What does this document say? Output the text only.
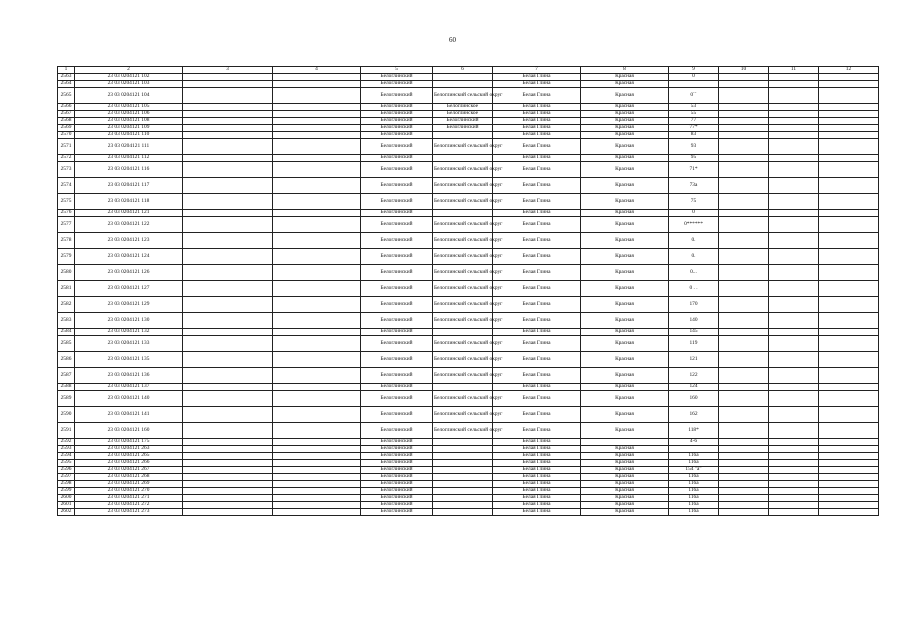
60
1	2	3	4	5	6	7	8	9	10	11	12
2563	23 03 0204121 102			Белоглинский		Белая Глина	Красная	0			
2564	23 03 0204121 103			Белоглинский		Белая Глина	Красная				
2565	23 03 0204121 104			Белоглинский	Белоглинский сельский округ	Белая Глина	Красная	0``			
2566	23 03 0204121 105			Белоглинский	Белоглинское	Белая Глина	Красная	53			
2567	23 03 0204121 106			Белоглинский	Белоглинское	Белая Глина	Красная	55			
2568	23 03 0204121 108			Белоглинский	Белоглинский	Белая Глина	Красная	77			
2569	23 03 0204121 109			Белоглинский	Белоглинский	Белая Глина	Красная	77*			
2570	23 03 0204121 110			Белоглинский		Белая Глина	Красная	83			
2571	23 03 0204121 111			Белоглинский	Белоглинский сельский округ	Белая Глина	Красная	93			
2572	23 03 0204121 112			Белоглинский		Белая Глина	Красная	95			
2573	23 03 0204121 116			Белоглинский	Белоглинский сельский округ	Белая Глина	Красная	71*			
2574	23 03 0204121 117			Белоглинский	Белоглинский сельский округ	Белая Глина	Красная	73а			
2575	23 03 0204121 118			Белоглинский	Белоглинский сельский округ	Белая Глина	Красная	75			
2576	23 03 0204121 121			Белоглинский		Белая Глина	Красная	0			
2577	23 03 0204121 122			Белоглинский	Белоглинский сельский округ	Белая Глина	Красная	0******			
2578	23 03 0204121 123			Белоглинский	Белоглинский сельский округ	Белая Глина	Красная	0.			
2579	23 03 0204121 124			Белоглинский	Белоглинский сельский округ	Белая Глина	Красная	0.			
2580	23 03 0204121 126			Белоглинский	Белоглинский сельский округ	Белая Глина	Красная	0...			
2581	23 03 0204121 127			Белоглинский	Белоглинский сельский округ	Белая Глина	Красная	0 . .			
2582	23 03 0204121 129			Белоглинский	Белоглинский сельский округ	Белая Глина	Красная	170			
2583	23 03 0204121 130			Белоглинский	Белоглинский сельский округ	Белая Глина	Красная	140			
2584	23 03 0204121 132			Белоглинский		Белая Глина	Красная	145			
2585	23 03 0204121 133			Белоглинский	Белоглинский сельский округ	Белая Глина	Красная	119			
2586	23 03 0204121 135			Белоглинский	Белоглинский сельский округ	Белая Глина	Красная	121			
2587	23 03 0204121 136			Белоглинский	Белоглинский сельский округ	Белая Глина	Красная	122			
2588	23 03 0204121 137			Белоглинский		Белая Глина	Красная	124			
2589	23 03 0204121 140			Белоглинский	Белоглинский сельский округ	Белая Глина	Красная	160			
2590	23 03 0204121 141			Белоглинский	Белоглинский сельский округ	Белая Глина	Красная	162			
2591	23 03 0204121 160			Белоглинский	Белоглинский сельский округ	Белая Глина	Красная	118*			
2592	23 03 0204121 175			Белоглинский		Белая Глина		4-6			
2593	23 03 0204121 263			Белоглинский		Белая Глина	Красная				
2594	23 03 0204121 265			Белоглинский		Белая Глина	Красная	116а			
2595	23 03 0204121 266			Белоглинский		Белая Глина	Красная	116а			
2596	23 03 0204121 267			Белоглинский		Белая Глина	Красная	154 "а"			
2597	23 03 0204121 268			Белоглинский		Белая Глина	Красная	116а			
2598	23 03 0204121 269			Белоглинский		Белая Глина	Красная	116а			
2599	23 03 0204121 270			Белоглинский		Белая Глина	Красная	116а			
2600	23 03 0204121 271			Белоглинский		Белая Глина	Красная	116а			
2601	23 03 0204121 272			Белоглинский		Белая Глина	Красная	116а			
2602	23 03 0204121 273			Белоглинский		Белая Глина	Красная	116а			
